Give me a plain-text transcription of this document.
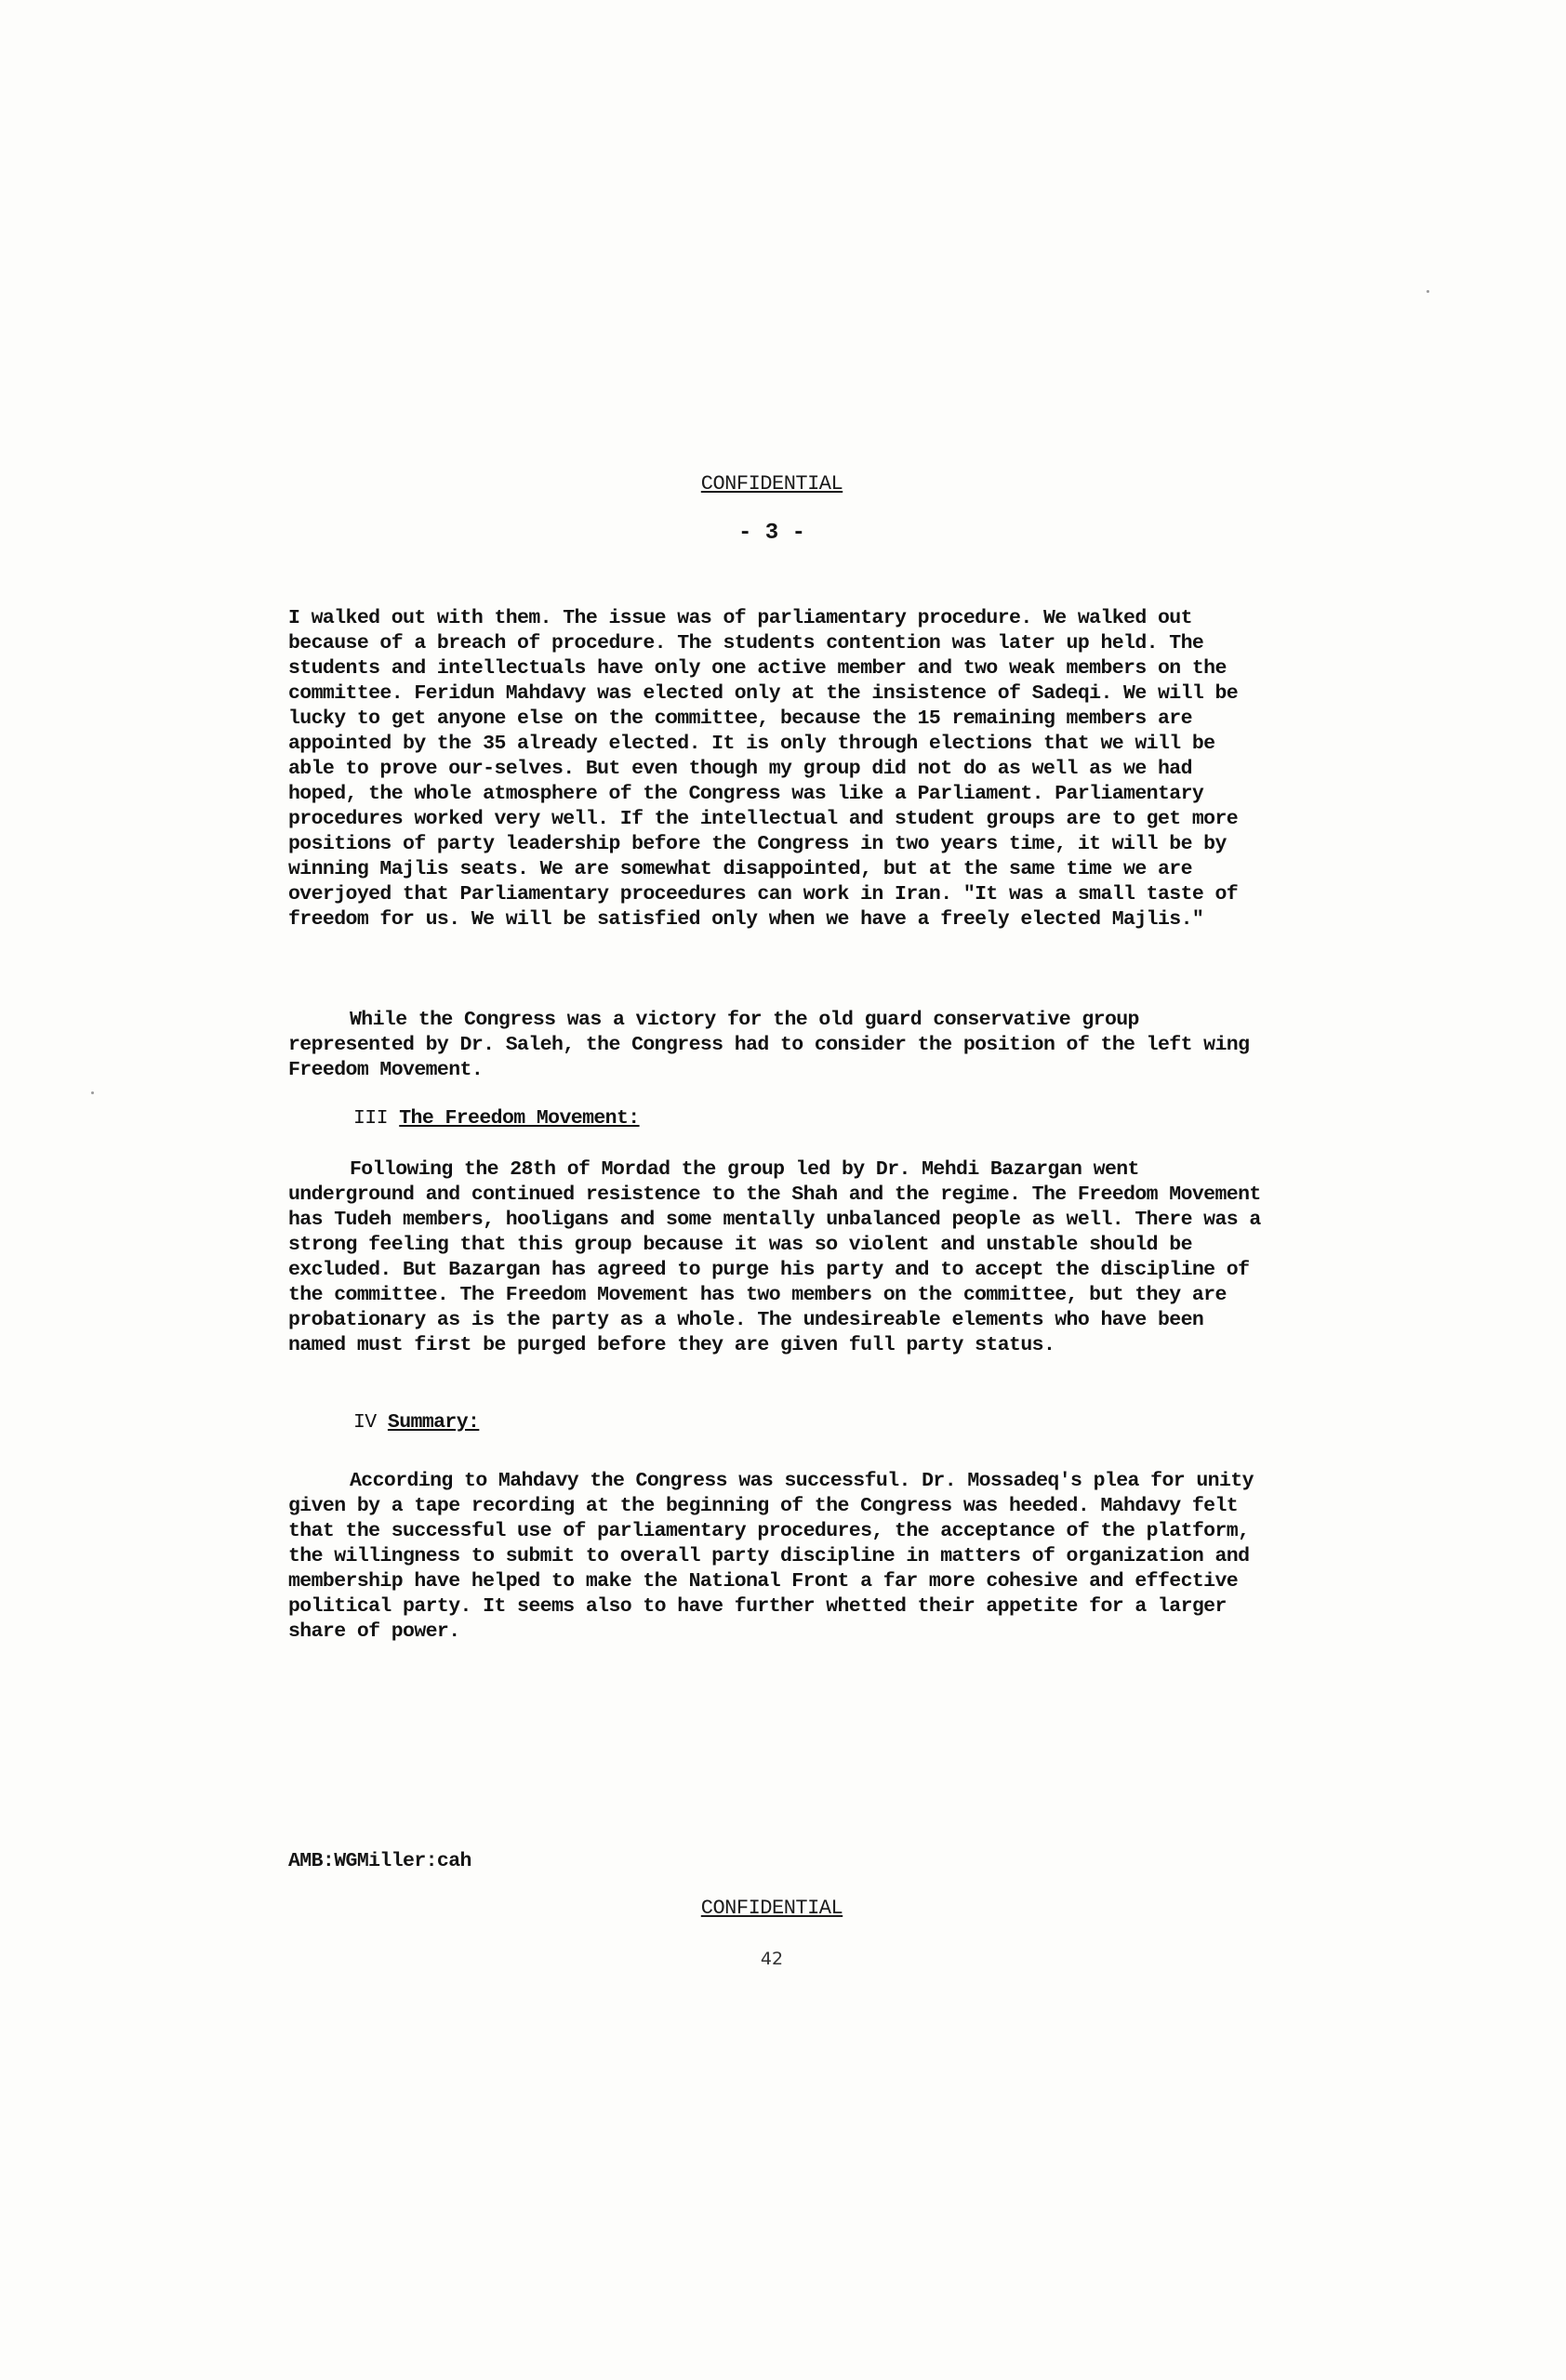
CONFIDENTIAL
- 3 -

I walked out with them. The issue was of parliamentary procedure. We walked out because of a breach of procedure. The students contention was later up held. The students and intellectuals have only one active member and two weak members on the committee. Feridun Mahdavy was elected only at the insistence of Sadeqi. We will be lucky to get anyone else on the committee, because the 15 remaining members are appointed by the 35 already elected. It is only through elections that we will be able to prove our-selves. But even though my group did not do as well as we had hoped, the whole atmosphere of the Congress was like a Parliament. Parliamentary procedures worked very well. If the intellectual and student groups are to get more positions of party leadership before the Congress in two years time, it will be by winning Majlis seats. We are somewhat disappointed, but at the same time we are overjoyed that Parliamentary proceedures can work in Iran. "It was a small taste of freedom for us. We will be satisfied only when we have a freely elected Majlis."

While the Congress was a victory for the old guard conservative group represented by Dr. Saleh, the Congress had to consider the position of the left wing Freedom Movement.

III The Freedom Movement:

Following the 28th of Mordad the group led by Dr. Mehdi Bazargan went underground and continued resistence to the Shah and the regime. The Freedom Movement has Tudeh members, hooligans and some mentally unbalanced people as well. There was a strong feeling that this group because it was so violent and unstable should be excluded. But Bazargan has agreed to purge his party and to accept the discipline of the committee. The Freedom Movement has two members on the committee, but they are probationary as is the party as a whole. The undesireable elements who have been named must first be purged before they are given full party status.

IV Summary:

According to Mahdavy the Congress was successful. Dr. Mossadeq's plea for unity given by a tape recording at the beginning of the Congress was heeded. Mahdavy felt that the successful use of parliamentary procedures, the acceptance of the platform, the willingness to submit to overall party discipline in matters of organization and membership have helped to make the National Front a far more cohesive and effective political party. It seems also to have further whetted their appetite for a larger share of power.

AMB:WGMiller:cah
CONFIDENTIAL
42
